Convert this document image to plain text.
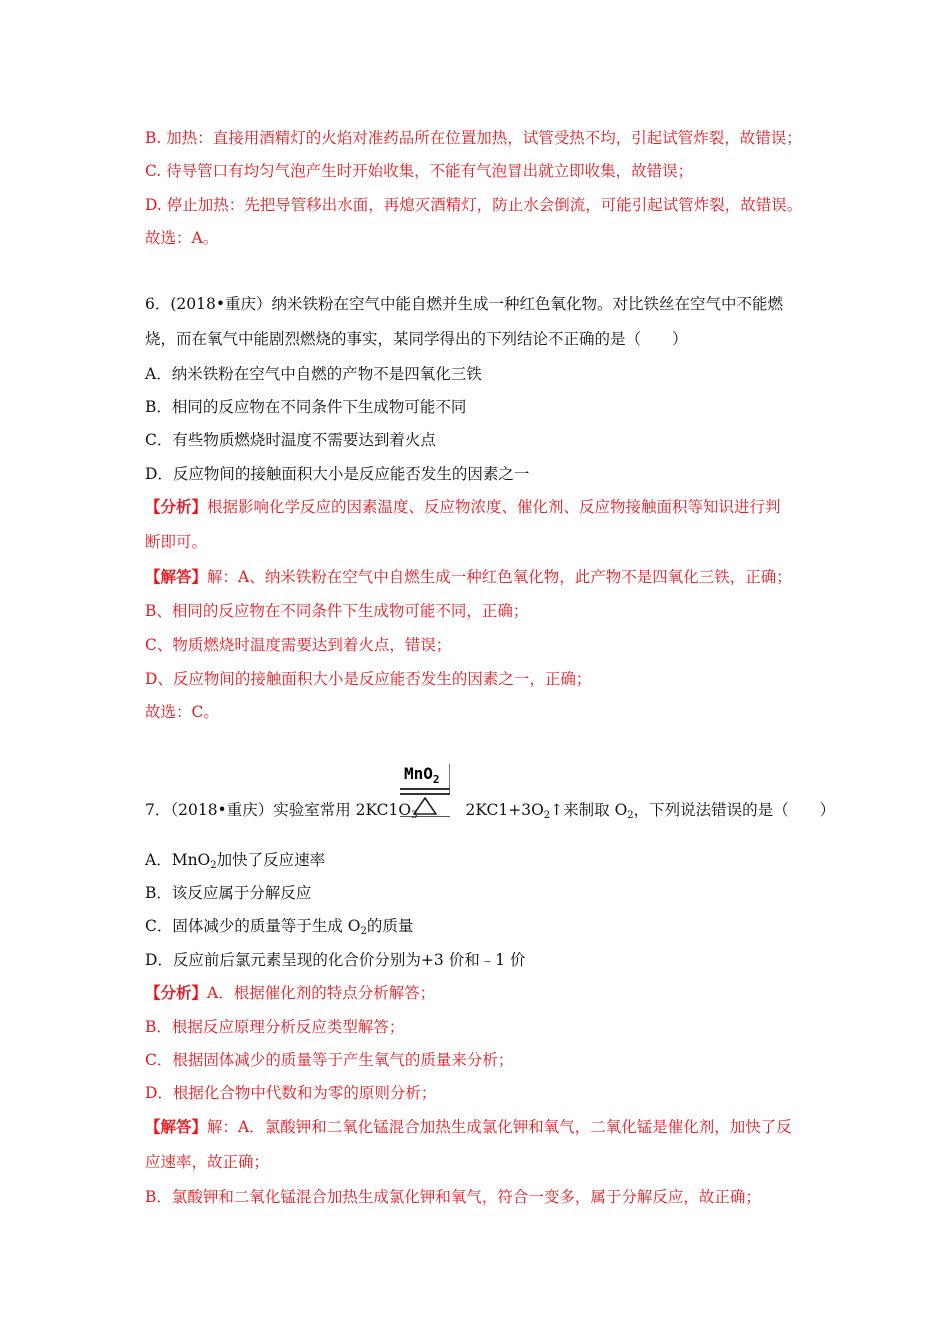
B. 加热：直接用酒精灯的火焰对准药品所在位置加热，试管受热不均，引起试管炸裂，故错误；
C. 待导管口有均匀气泡产生时开始收集，不能有气泡冒出就立即收集，故错误；
D. 停止加热：先把导管移出水面，再熄灭酒精灯，防止水会倒流，可能引起试管炸裂，故错误。
故选：A。
6．(2018•重庆）纳米铁粉在空气中能自燃并生成一种红色氧化物。对比铁丝在空气中不能燃
烧，而在氧气中能剧烈燃烧的事实，某同学得出的下列结论不正确的是（　　）
A．纳米铁粉在空气中自燃的产物不是四氧化三铁
B．相同的反应物在不同条件下生成物可能不同
C．有些物质燃烧时温度不需要达到着火点
D．反应物间的接触面积大小是反应能否发生的因素之一
【分析】根据影响化学反应的因素温度、反应物浓度、催化剂、反应物接触面积等知识进行判
断即可。
【解答】解：A、纳米铁粉在空气中自燃生成一种红色氧化物，此产物不是四氧化三铁，正确；
B、相同的反应物在不同条件下生成物可能不同，正确；
C、物质燃烧时温度需要达到着火点，错误；
D、反应物间的接触面积大小是反应能否发生的因素之一，正确；
故选：C。
MnO$_2$
7．（2018•重庆）实验室常用 $2KC1O_3$	$2KC1+3O_2↑$来制取 $O_2$，下列说法错误的是（　　）
A．MnO$_2$加快了反应速率
B．该反应属于分解反应
C．固体减少的质量等于生成 $O_2$的质量
D．反应前后氯元素呈现的化合价分别为+3 价和﹣1 价
【分析】A．根据催化剂的特点分析解答；
B．根据反应原理分析反应类型解答；
C．根据固体减少的质量等于产生氧气的质量来分析；
D．根据化合物中代数和为零的原则分析；
【解答】解：A．氯酸钾和二氧化锰混合加热生成氯化钾和氧气，二氧化锰是催化剂，加快了反
应速率，故正确；
B．氯酸钾和二氧化锰混合加热生成氯化钾和氧气，符合一变多，属于分解反应，故正确；
